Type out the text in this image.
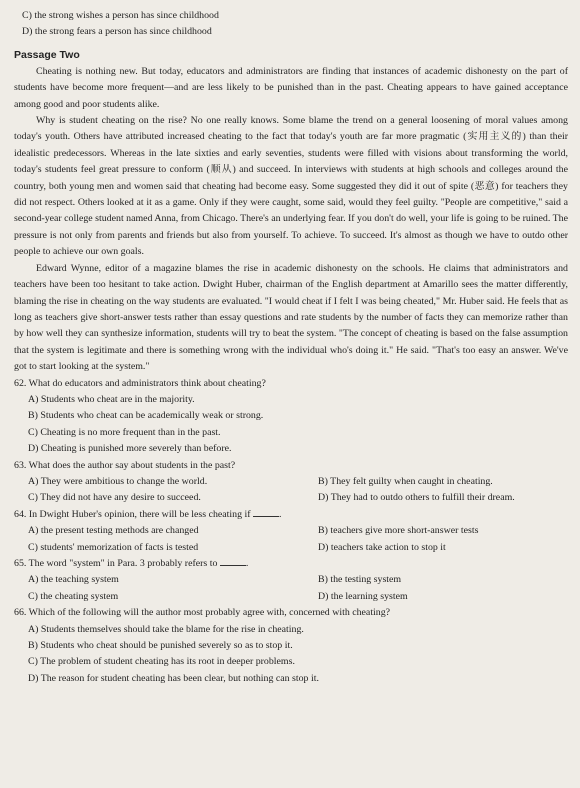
C) the strong wishes a person has since childhood
D) the strong fears a person has since childhood
Passage Two

Cheating is nothing new. But today, educators and administrators are finding that instances of academic dishonesty on the part of students have become more frequent—and are less likely to be punished than in the past. Cheating appears to have gained acceptance among good and poor students alike.

Why is student cheating on the rise? No one really knows. Some blame the trend on a general loosening of moral values among today's youth. Others have attributed increased cheating to the fact that today's youth are far more pragmatic (实用主义的) than their idealistic predecessors. Whereas in the late sixties and early seventies, students were filled with visions about transforming the world, today's students feel great pressure to conform (顺从) and succeed. In interviews with students at high schools and colleges around the country, both young men and women said that cheating had become easy. Some suggested they did it out of spite (恶意) for teachers they did not respect. Others looked at it as a game. Only if they were caught, some said, would they feel guilty. "People are competitive," said a second-year college student named Anna, from Chicago. There's an underlying fear. If you don't do well, your life is going to be ruined. The pressure is not only from parents and friends but also from yourself. To achieve. To succeed. It's almost as though we have to outdo other people to achieve our own goals.

Edward Wynne, editor of a magazine blames the rise in academic dishonesty on the schools. He claims that administrators and teachers have been too hesitant to take action. Dwight Huber, chairman of the English department at Amarillo sees the matter differently, blaming the rise in cheating on the way students are evaluated. "I would cheat if I felt I was being cheated," Mr. Huber said. He feels that as long as teachers give short-answer tests rather than essay questions and rate students by the number of facts they can memorize rather than by how well they can synthesize information, students will try to beat the system. "The concept of cheating is based on the false assumption that the system is legitimate and there is something wrong with the individual who's doing it." He said. "That's too easy an answer. We've got to start looking at the system."

62. What do educators and administrators think about cheating?
A) Students who cheat are in the majority.
B) Students who cheat can be academically weak or strong.
C) Cheating is no more frequent than in the past.
D) Cheating is punished more severely than before.
63. What does the author say about students in the past?
A) They were ambitious to change the world.	B) They felt guilty when caught in cheating.
C) They did not have any desire to succeed.	D) They had to outdo others to fulfill their dream.
64. In Dwight Huber's opinion, there will be less cheating if	.
A) the present testing methods are changed	B) teachers give more short-answer tests
C) students' memorization of facts is tested	D) teachers take action to stop it
65. The word "system" in Para. 3 probably refers to	.
A) the teaching system	B) the testing system
C) the cheating system	D) the learning system
66. Which of the following will the author most probably agree with, concerned with cheating?
A) Students themselves should take the blame for the rise in cheating.
B) Students who cheat should be punished severely so as to stop it.
C) The problem of student cheating has its root in deeper problems.
D) The reason for student cheating has been clear, but nothing can stop it.
